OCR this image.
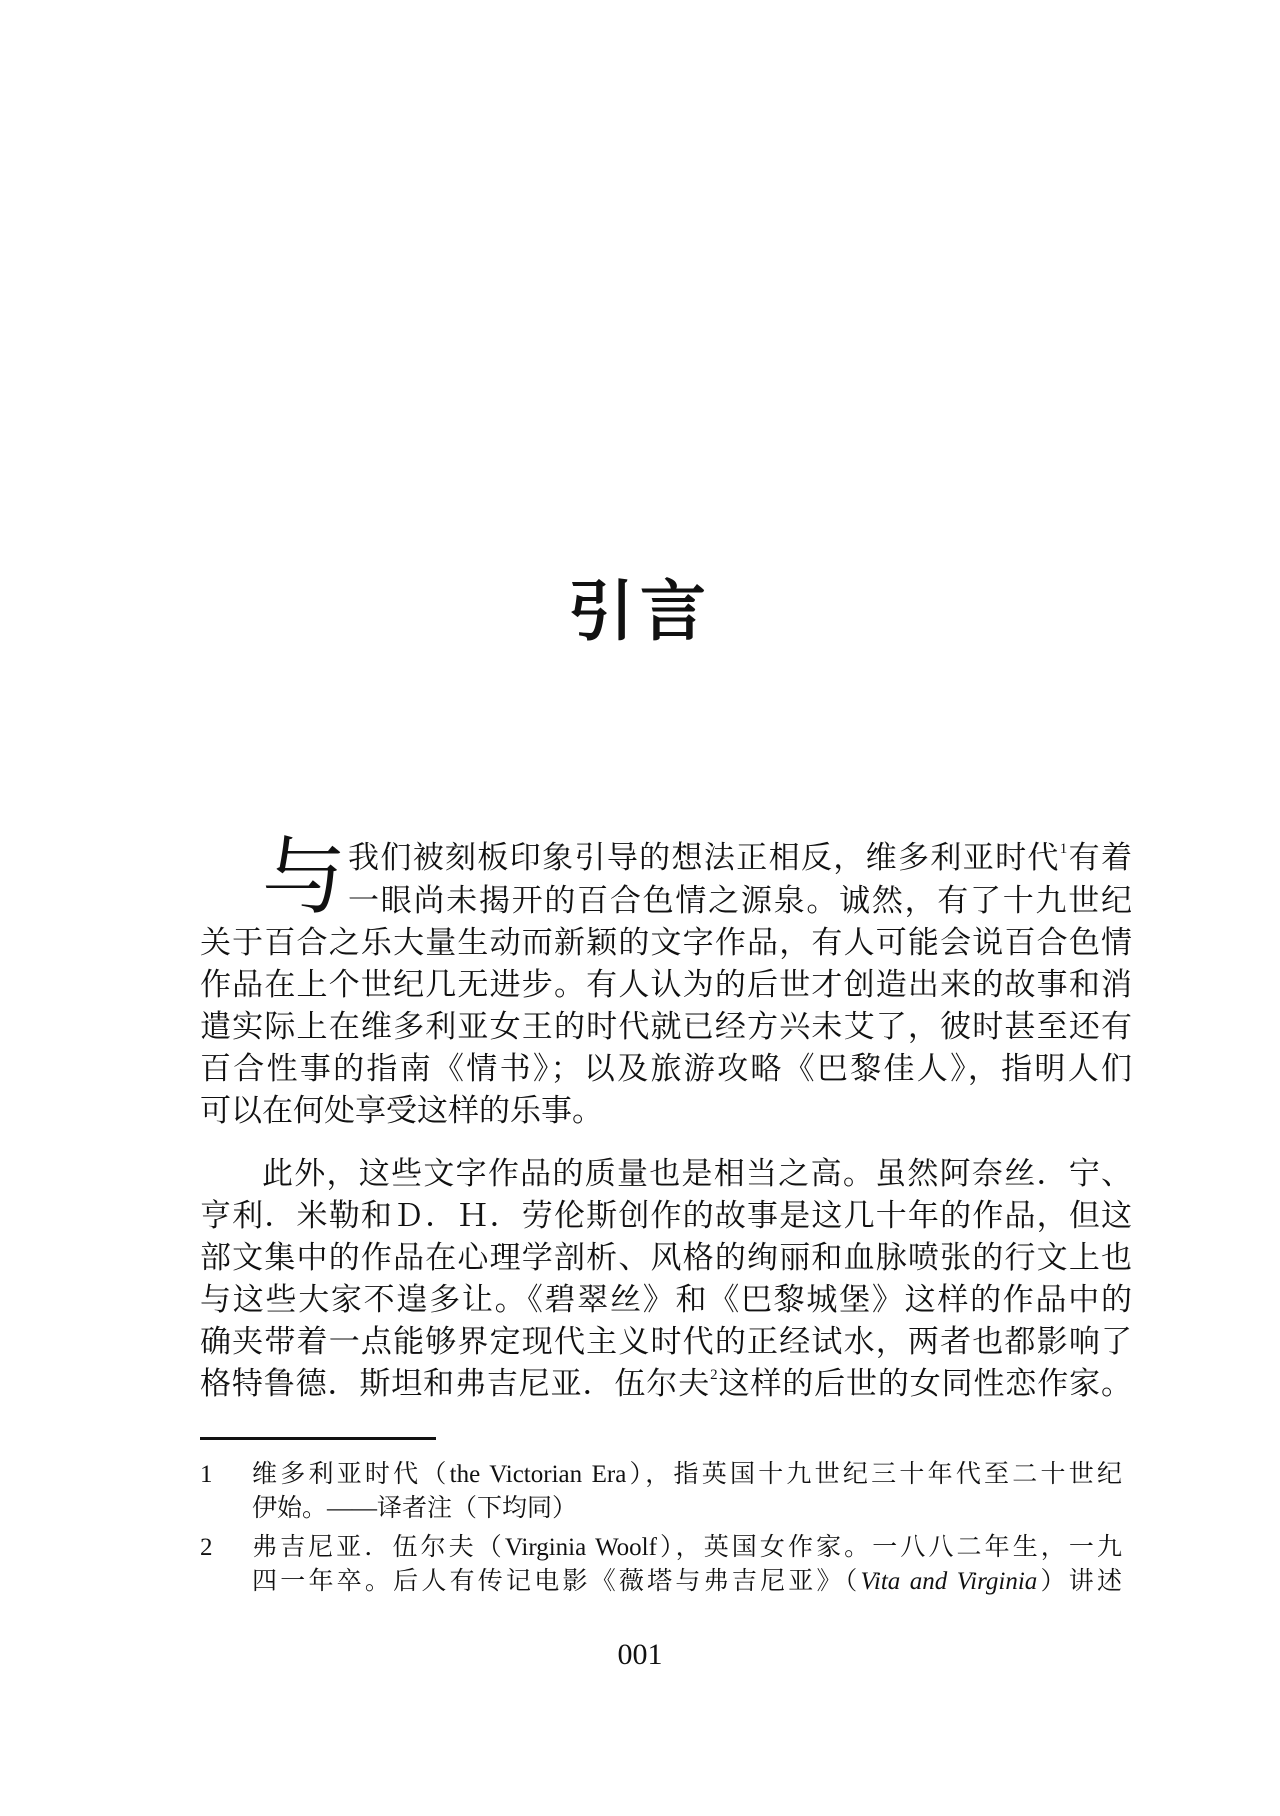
引言
与 我们被刻板印象引导的想法正相反，维多利亚时代$^1$有着
一眼尚未揭开的百合色情之源泉。诚然，有了十九世纪
关于百合之乐大量生动而新颖的文字作品，有人可能会说百合色情
作品在上个世纪几无进步。有人认为的后世才创造出来的故事和消
遣实际上在维多利亚女王的时代就已经方兴未艾了，彼时甚至还有
百合性事的指南《情书》；以及旅游攻略《巴黎佳人》，指明人们
可以在何处享受这样的乐事。
此外，这些文字作品的质量也是相当之高。虽然阿奈丝．宁、
亨利．米勒和Ｄ．Ｈ．劳伦斯创作的故事是这几十年的作品，但这
部文集中的作品在心理学剖析、风格的绚丽和血脉喷张的行文上也
与这些大家不遑多让。《碧翠丝》和《巴黎城堡》这样的作品中的
确夹带着一点能够界定现代主义时代的正经试水，两者也都影响了
格特鲁德．斯坦和弗吉尼亚．伍尔夫$^2$这样的后世的女同性恋作家。
1 维多利亚时代（the Victorian Era），指英国十九世纪三十年代至二十世纪
伊始。——译者注（下均同）
2 弗吉尼亚．伍尔夫（Virginia Woolf），英国女作家。一八八二年生，一九
四一年卒。后人有传记电影《薇塔与弗吉尼亚》（Vita and Virginia）讲述
001
